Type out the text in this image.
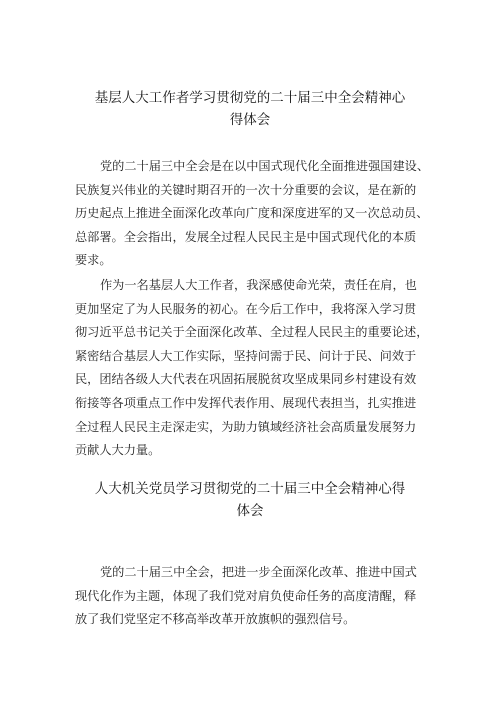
基层人大工作者学习贯彻党的二十届三中全会精神心
得体会

党的二十届三中全会是在以中国式现代化全面推进强国建设、
民族复兴伟业的关键时期召开的一次十分重要的会议，是在新的
历史起点上推进全面深化改革向广度和深度进军的又一次总动员、
总部署。全会指出，发展全过程人民民主是中国式现代化的本质
要求。

作为一名基层人大工作者，我深感使命光荣，责任在肩，也
更加坚定了为人民服务的初心。在今后工作中，我将深入学习贯
彻习近平总书记关于全面深化改革、全过程人民民主的重要论述，
紧密结合基层人大工作实际，坚持问需于民、问计于民、问效于
民，团结各级人大代表在巩固拓展脱贫攻坚成果同乡村建设有效
衔接等各项重点工作中发挥代表作用、展现代表担当，扎实推进
全过程人民民主走深走实，为助力镇域经济社会高质量发展努力
贡献人大力量。

人大机关党员学习贯彻党的二十届三中全会精神心得
体会

党的二十届三中全会，把进一步全面深化改革、推进中国式
现代化作为主题，体现了我们党对肩负使命任务的高度清醒，释
放了我们党坚定不移高举改革开放旗帜的强烈信号。
